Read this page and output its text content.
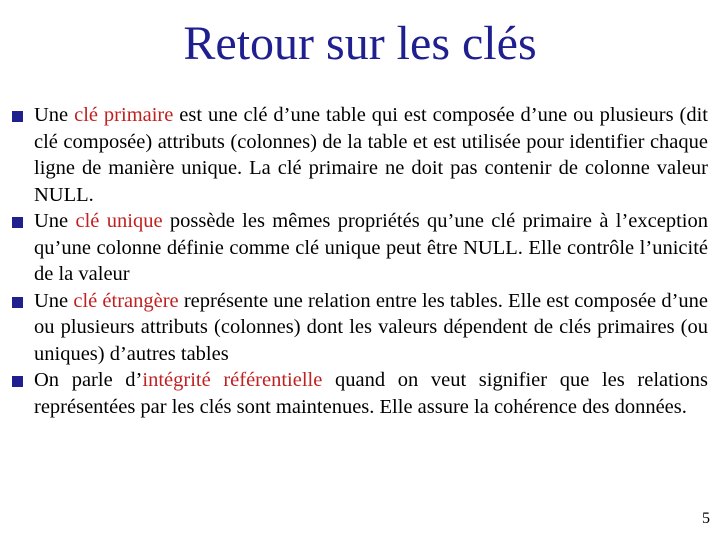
Retour sur les clés
Une clé primaire est une clé d’une table qui est composée d’une ou plusieurs (dit clé composée) attributs (colonnes) de la table et est utilisée pour identifier chaque ligne de manière unique. La clé primaire ne doit pas contenir de colonne valeur NULL.
Une clé unique possède les mêmes propriétés qu’une clé primaire à l’exception qu’une colonne définie comme clé unique peut être NULL. Elle contrôle l’unicité de la valeur
Une clé étrangère représente une relation entre les tables. Elle est composée d’une ou plusieurs attributs (colonnes) dont les valeurs dépendent de clés primaires (ou uniques) d’autres tables
On parle d’intégrité référentielle quand on veut signifier que les relations représentées par les clés sont maintenues. Elle assure la cohérence des données.
5
